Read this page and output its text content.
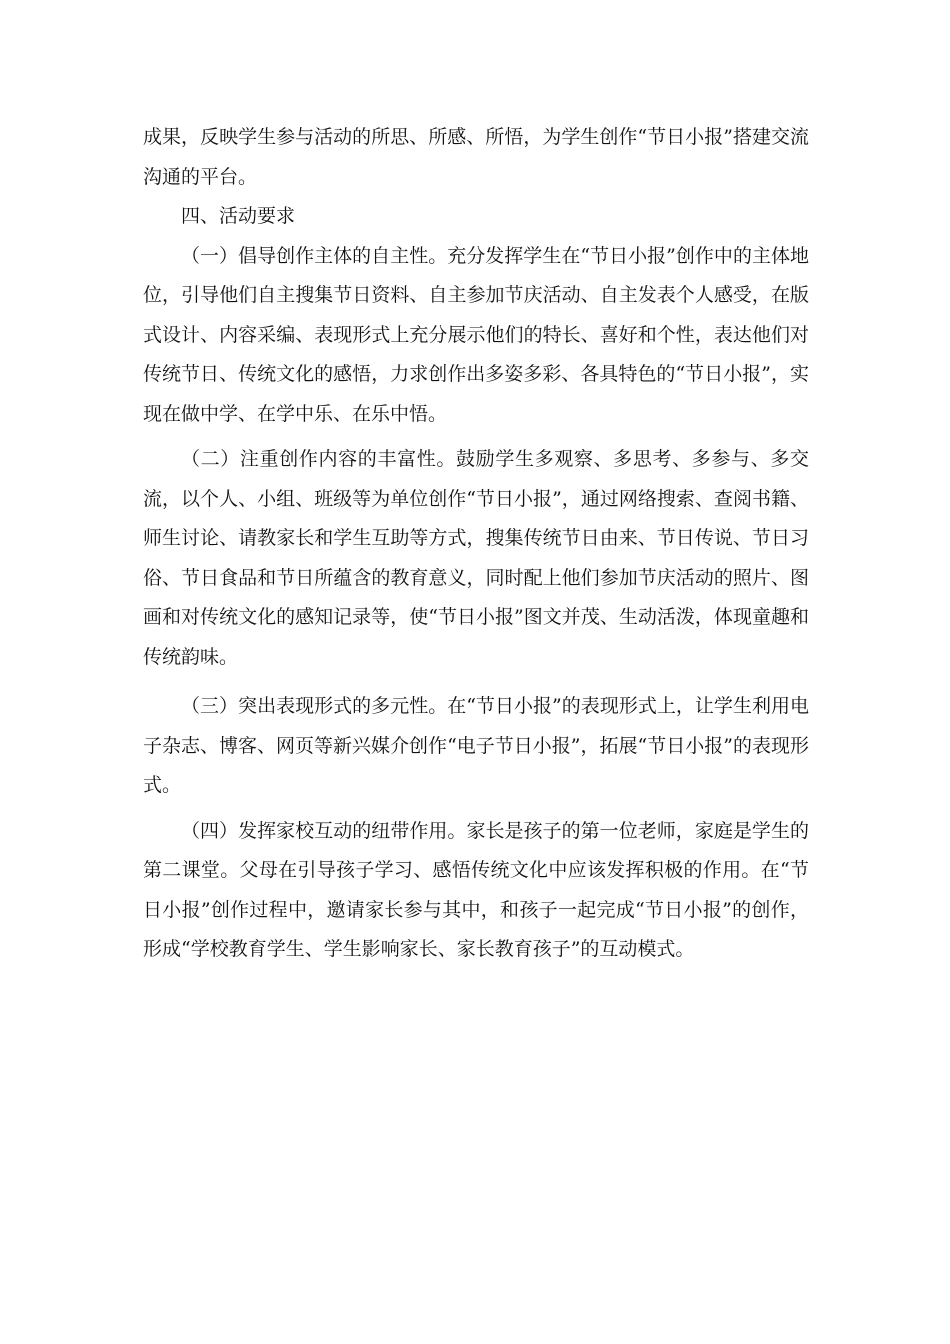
成果，反映学生参与活动的所思、所感、所悟，为学生创作“节日小报”搭建交流沟通的平台。

四、活动要求

（一）倡导创作主体的自主性。充分发挥学生在“节日小报”创作中的主体地位，引导他们自主搜集节日资料、自主参加节庆活动、自主发表个人感受，在版式设计、内容采编、表现形式上充分展示他们的特长、喜好和个性，表达他们对传统节日、传统文化的感悟，力求创作出多姿多彩、各具特色的“节日小报”，实现在做中学、在学中乐、在乐中悟。

（二）注重创作内容的丰富性。鼓励学生多观察、多思考、多参与、多交流，以个人、小组、班级等为单位创作“节日小报”，通过网络搜索、查阅书籍、师生讨论、请教家长和学生互助等方式，搜集传统节日由来、节日传说、节日习俗、节日食品和节日所蕴含的教育意义，同时配上他们参加节庆活动的照片、图画和对传统文化的感知记录等，使“节日小报”图文并茂、生动活泼，体现童趣和传统韵味。

（三）突出表现形式的多元性。在“节日小报”的表现形式上，让学生利用电子杂志、博客、网页等新兴媒介创作“电子节日小报”，拓展“节日小报”的表现形式。

（四）发挥家校互动的纽带作用。家长是孩子的第一位老师，家庭是学生的第二课堂。父母在引导孩子学习、感悟传统文化中应该发挥积极的作用。在“节日小报”创作过程中，邀请家长参与其中，和孩子一起完成“节日小报”的创作，形成“学校教育学生、学生影响家长、家长教育孩子”的互动模式。
